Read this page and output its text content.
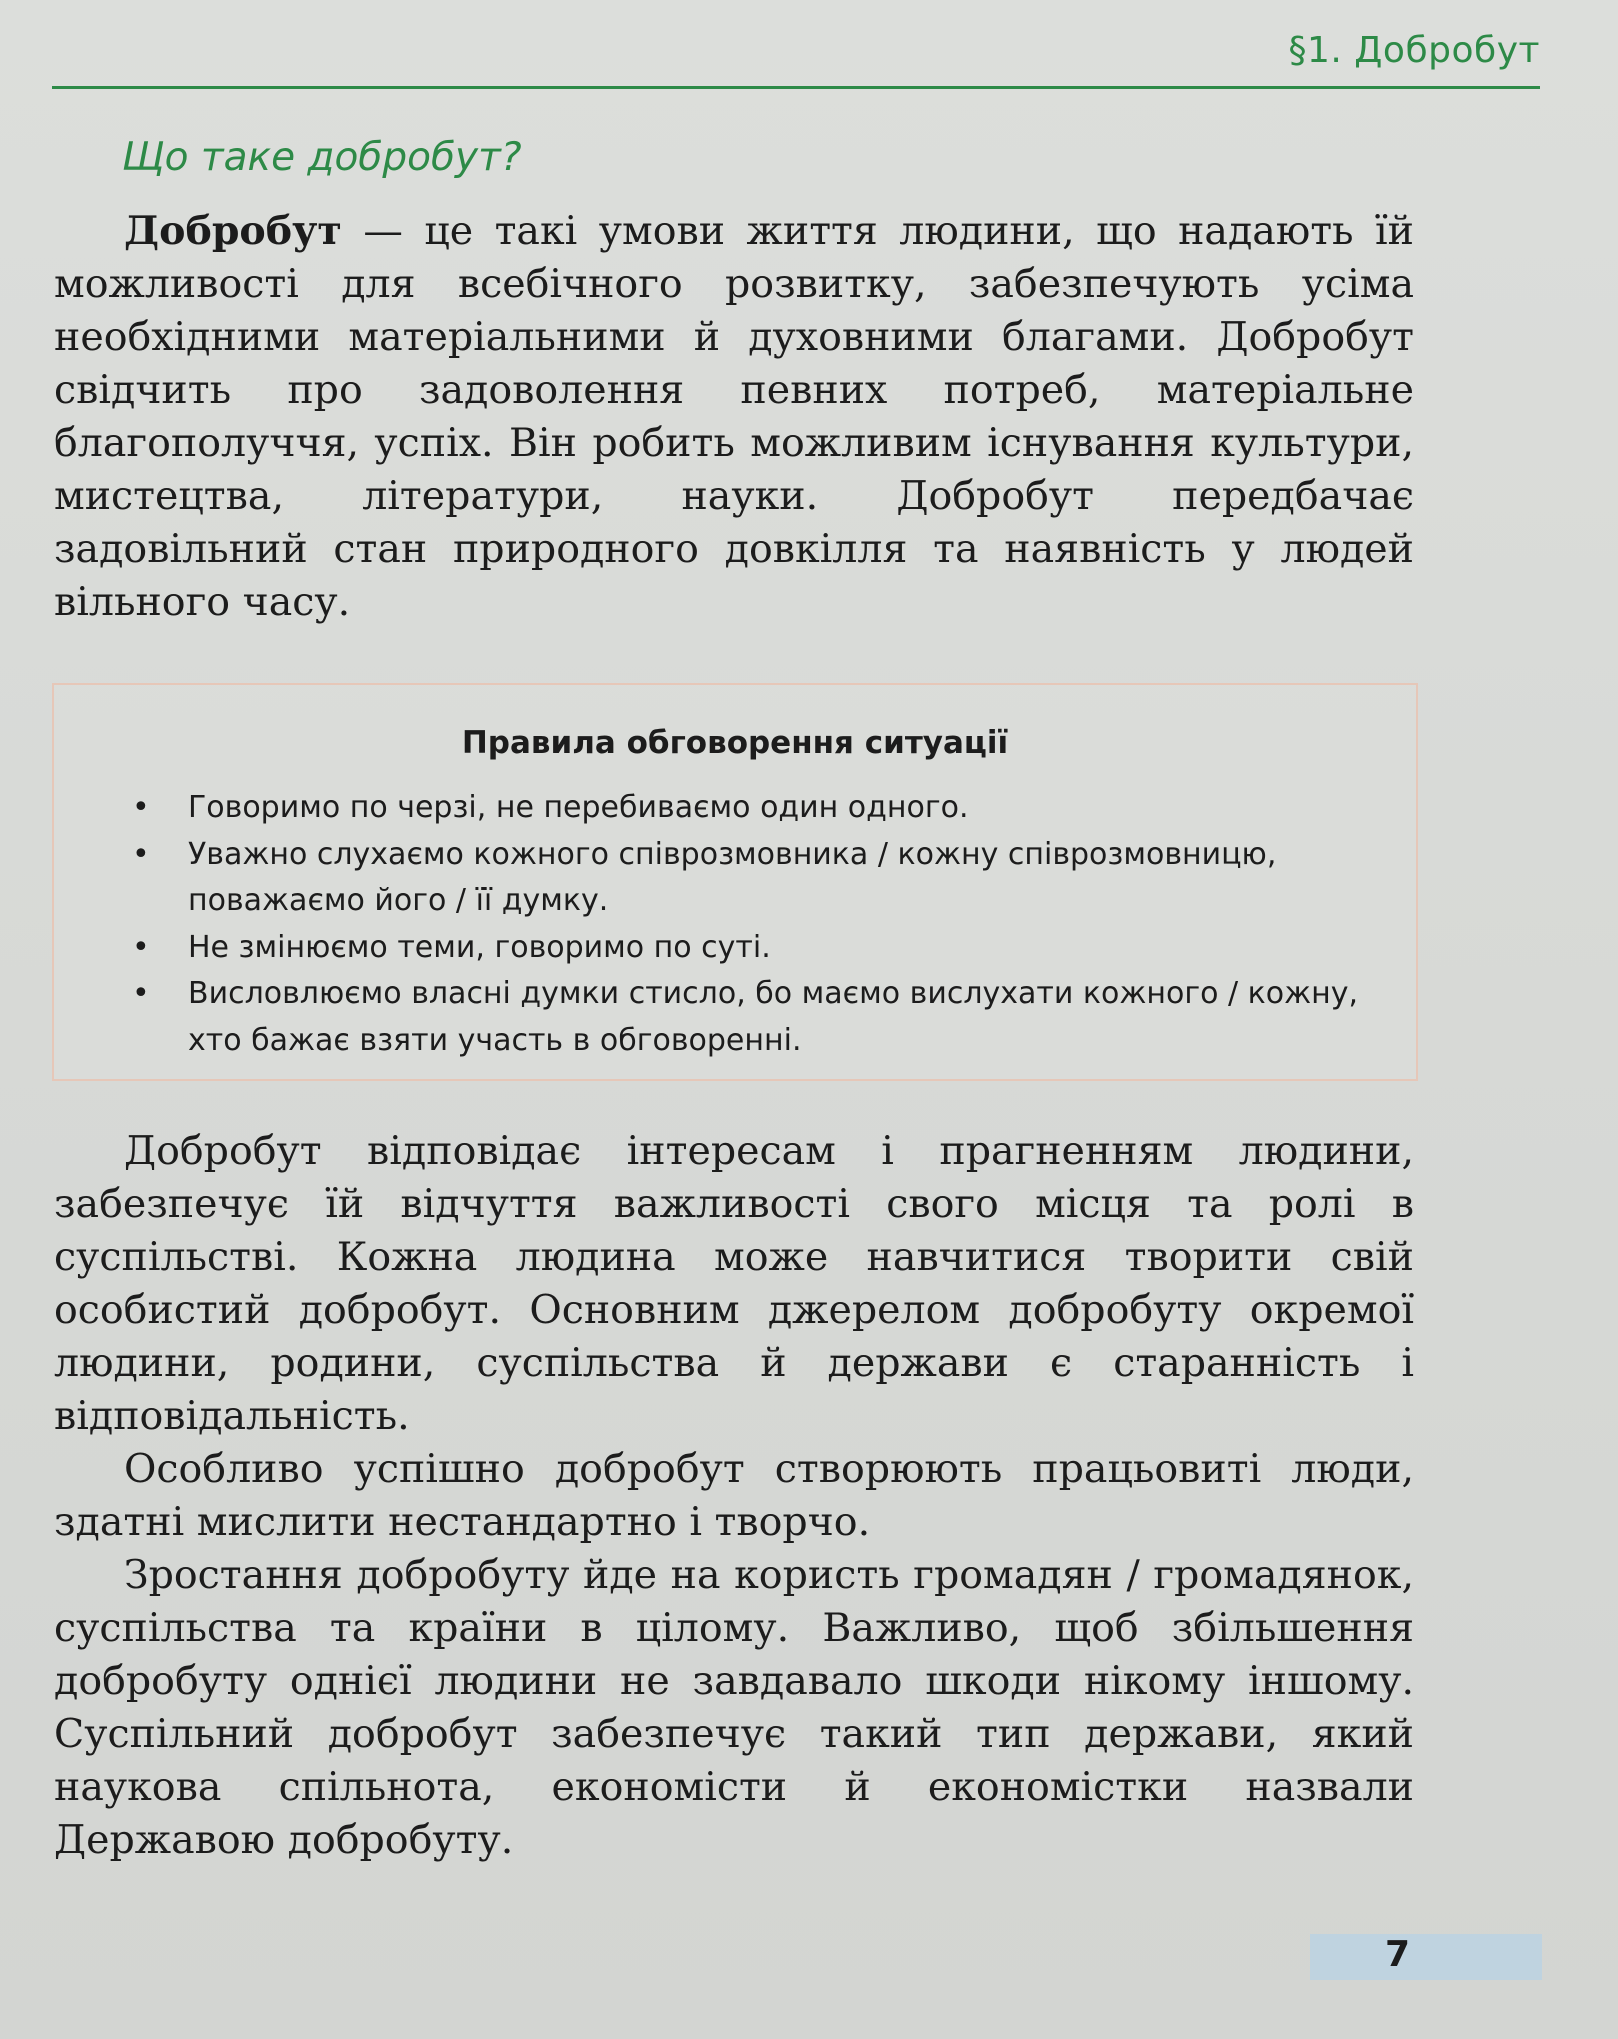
§1. Добробут
Що таке добробут?

Добробут — це такі умови життя людини, що надають їй можливості для всебічного розвитку, забезпечують усіма необхідними матеріальними й духовними благами. Добробут свідчить про задоволення певних потреб, матеріальне благополуччя, успіх. Він робить можливим існування культури, мистецтва, літератури, науки. Добробут передбачає задовільний стан природного довкілля та наявність у людей вільного часу.

Правила обговорення ситуації
• Говоримо по черзі, не перебиваємо один одного.
• Уважно слухаємо кожного співрозмовника / кожну співрозмовницю, поважаємо його / її думку.
• Не змінюємо теми, говоримо по суті.
• Висловлюємо власні думки стисло, бо маємо вислухати кожного / кожну, хто бажає взяти участь в обговоренні.

Добробут відповідає інтересам і прагненням людини, забезпечує їй відчуття важливості свого місця та ролі в суспільстві. Кожна людина може навчитися творити свій особистий добробут. Основним джерелом добробуту окремої людини, родини, суспільства й держави є старанність і відповідальність.

Особливо успішно добробут створюють працьовиті люди, здатні мислити нестандартно і творчо.

Зростання добробуту йде на користь громадян / громадянок, суспільства та країни в цілому. Важливо, щоб збільшення добробуту однієї людини не завдавало шкоди нікому іншому. Суспільний добробут забезпечує такий тип держави, який наукова спільнота, економісти й економістки назвали Державою добробуту.

7
